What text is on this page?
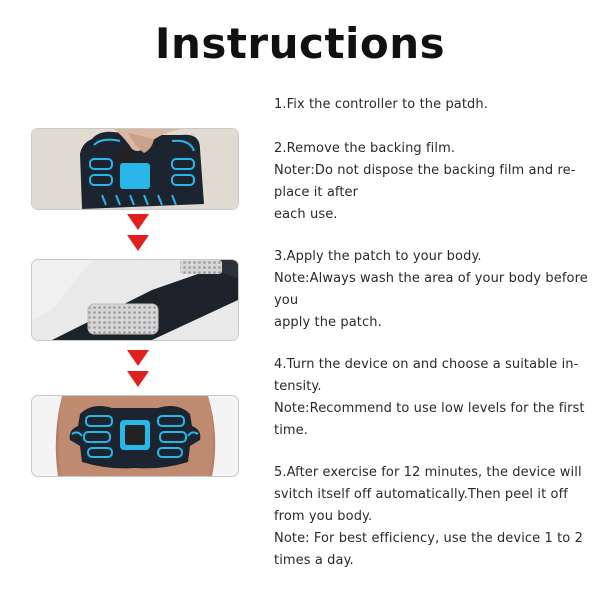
Instructions
1.Fix the controller to the patdh.
2.Remove the backing film.
Noter:Do not dispose the backing film and re-
place it after
each use.
3.Apply the patch to your body.
Note:Always wash the area of your body before
you
apply the patch.
4.Turn the device on and choose a suitable in-
tensity.
Note:Recommend to use low levels for the first
time.
5.After exercise for 12 minutes, the device will
svitch itself off automatically.Then peel it off
from you body.
Note: For best efficiency, use the device 1 to 2
times a day.
